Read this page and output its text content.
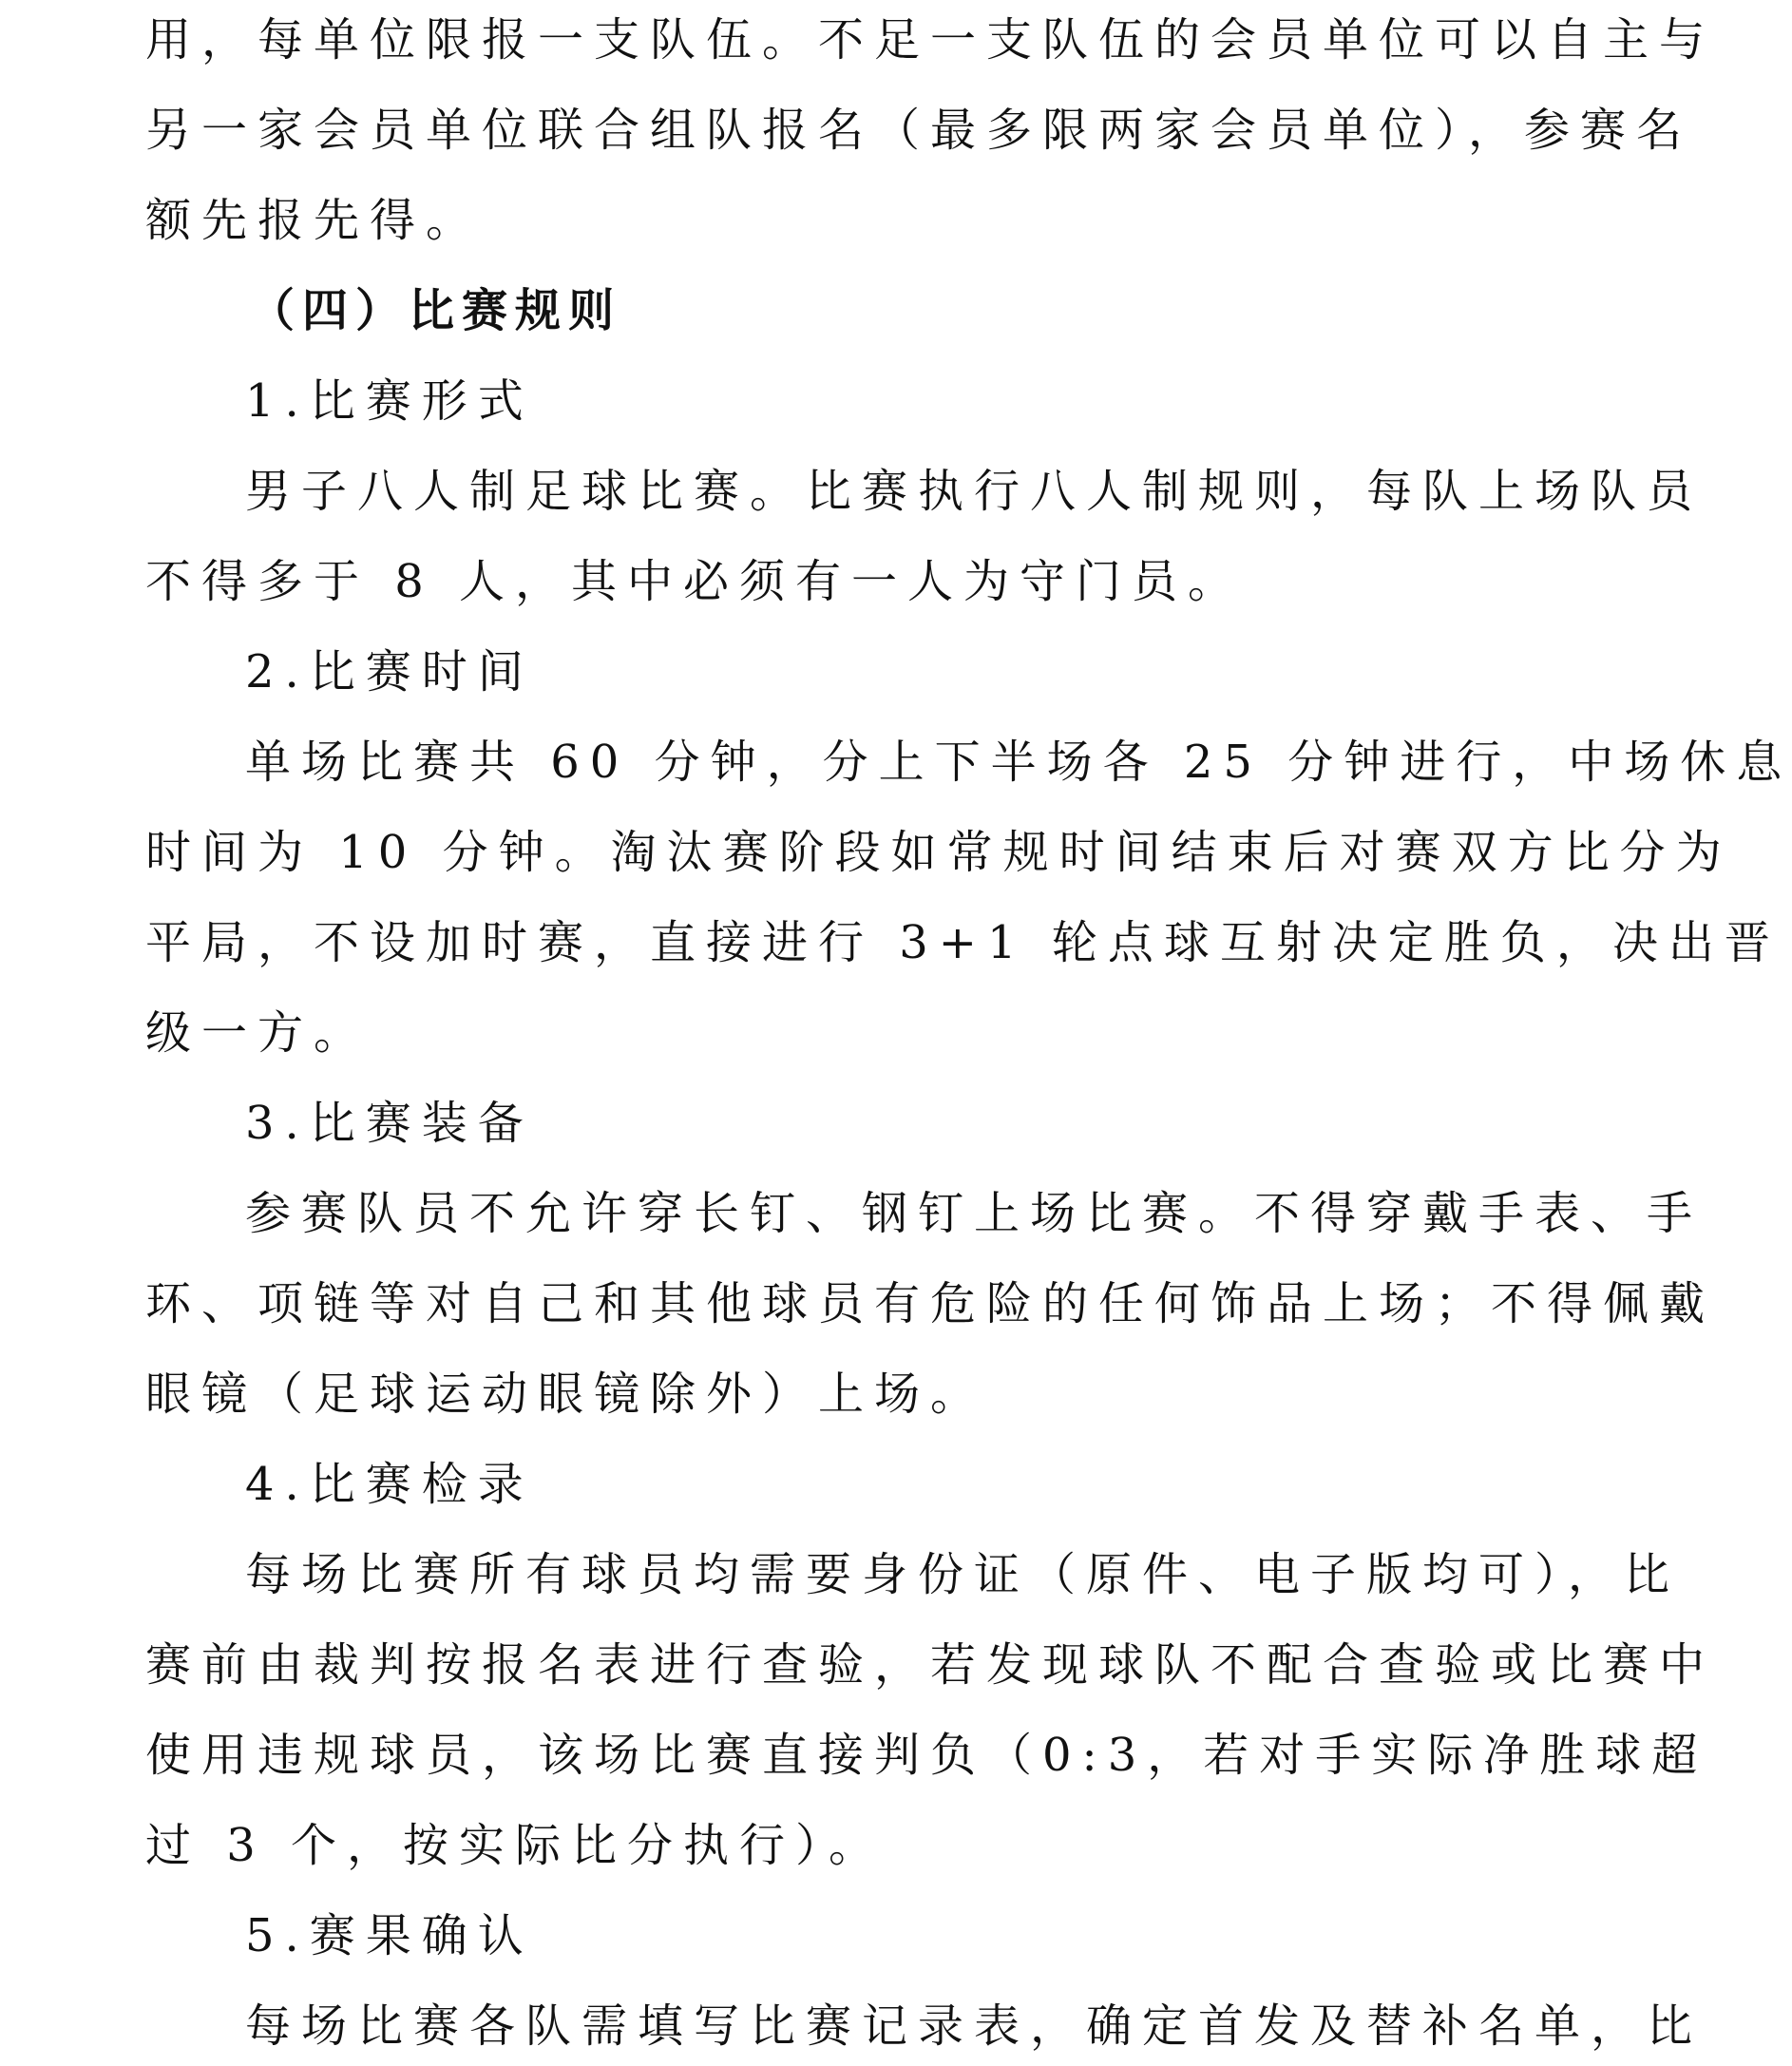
用，每单位限报一支队伍。不足一支队伍的会员单位可以自主与
另一家会员单位联合组队报名（最多限两家会员单位），参赛名
额先报先得。
（四）比赛规则
1.比赛形式
男子八人制足球比赛。比赛执行八人制规则，每队上场队员
不得多于 8 人，其中必须有一人为守门员。
2.比赛时间
单场比赛共 60 分钟，分上下半场各 25 分钟进行，中场休息
时间为 10 分钟。淘汰赛阶段如常规时间结束后对赛双方比分为
平局，不设加时赛，直接进行 3+1 轮点球互射决定胜负，决出晋
级一方。
3.比赛装备
参赛队员不允许穿长钉、钢钉上场比赛。不得穿戴手表、手
环、项链等对自己和其他球员有危险的任何饰品上场；不得佩戴
眼镜（足球运动眼镜除外）上场。
4.比赛检录
每场比赛所有球员均需要身份证（原件、电子版均可），比
赛前由裁判按报名表进行查验，若发现球队不配合查验或比赛中
使用违规球员，该场比赛直接判负（0:3，若对手实际净胜球超
过 3 个，按实际比分执行）。
5.赛果确认
每场比赛各队需填写比赛记录表，确定首发及替补名单，比
